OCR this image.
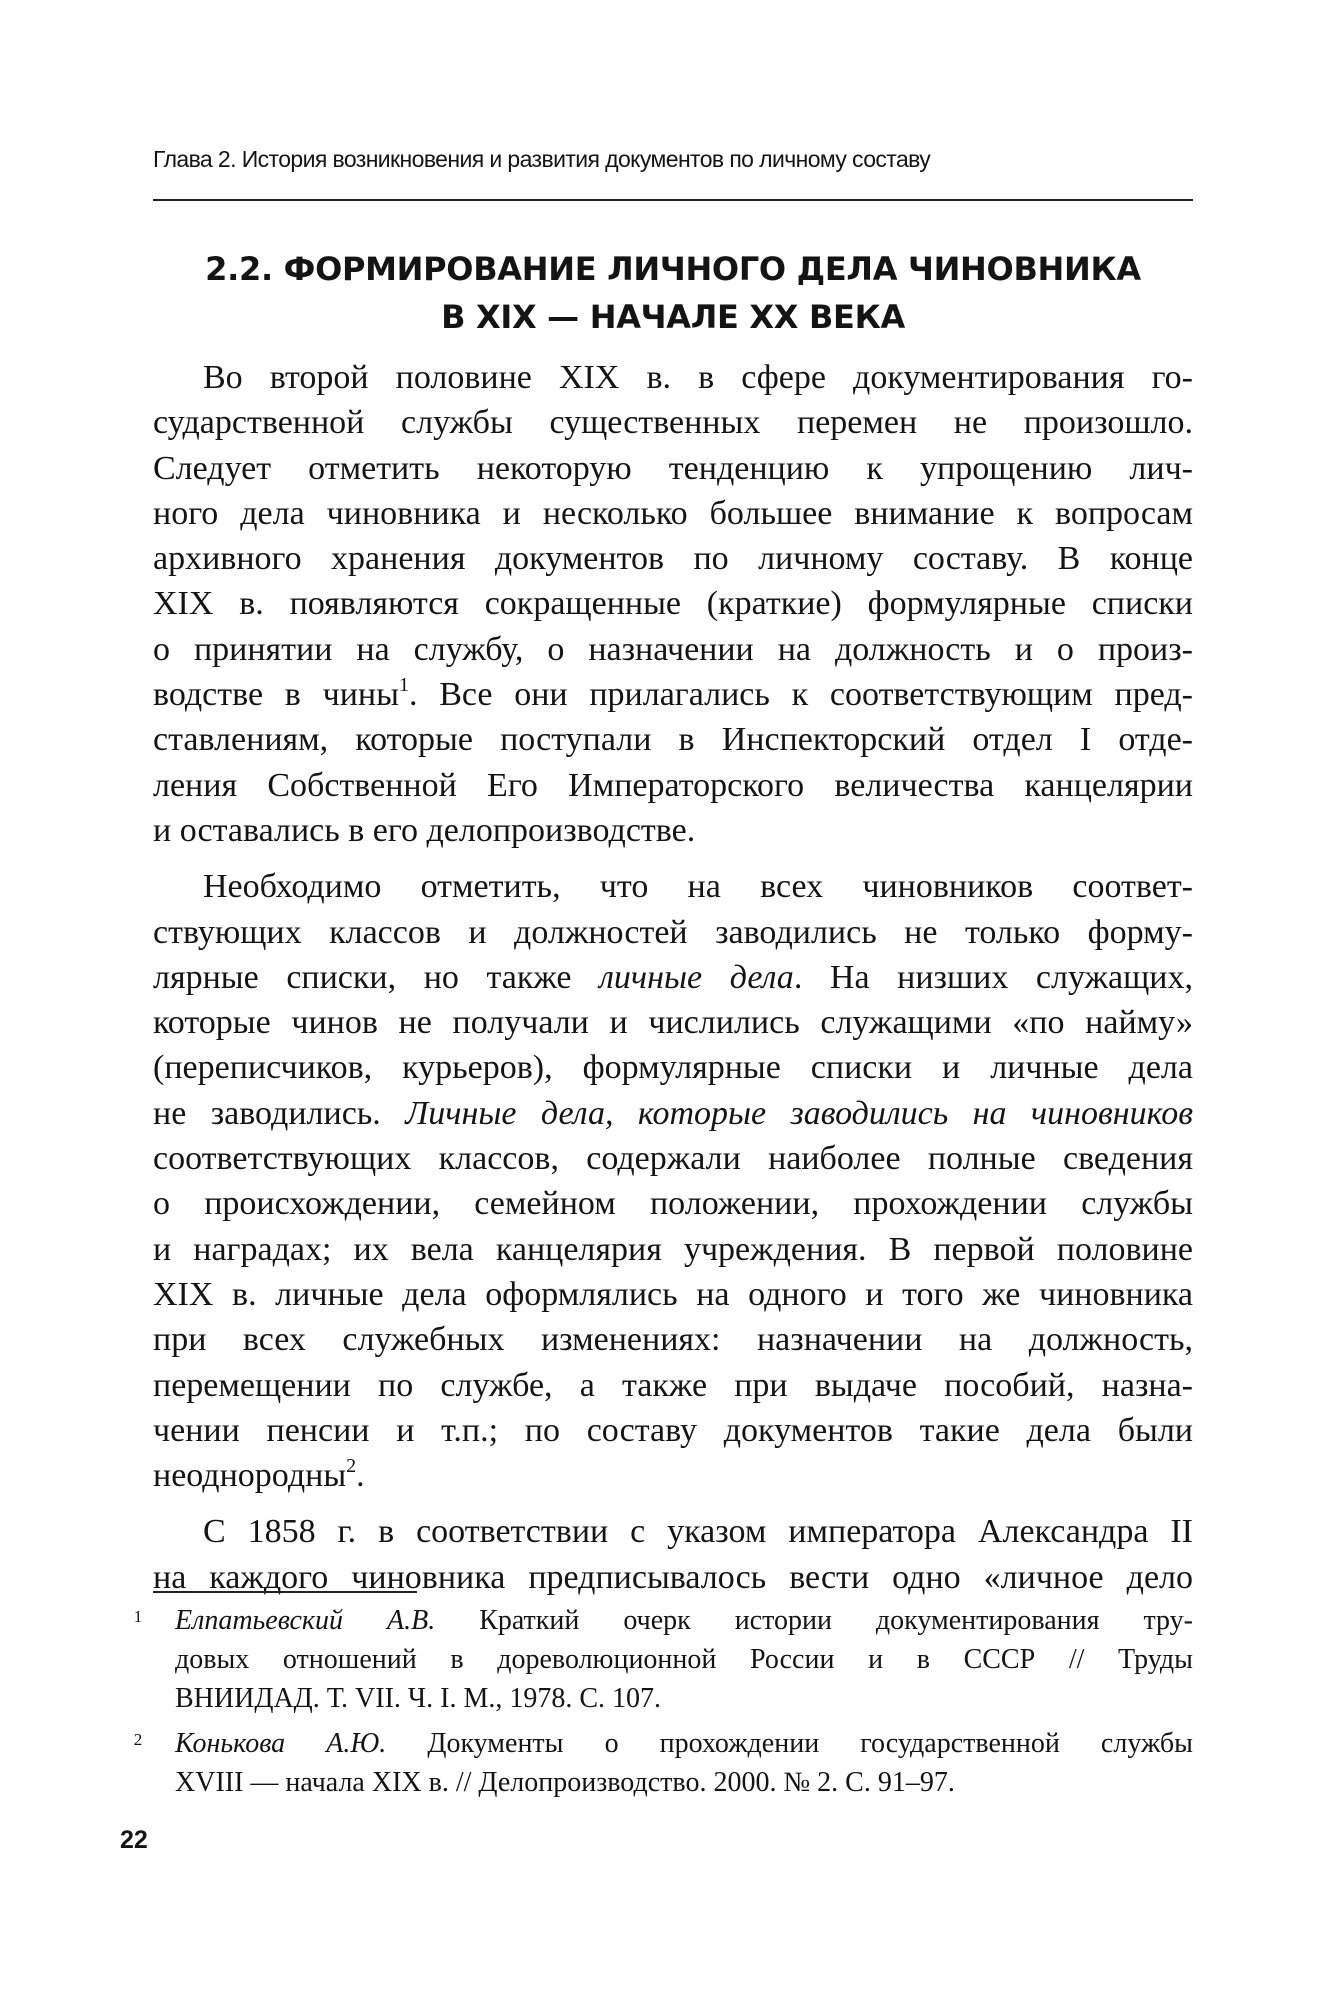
Глава 2. История возникновения и развития документов по личному составу
2.2. ФОРМИРОВАНИЕ ЛИЧНОГО ДЕЛА ЧИНОВНИКА
В XIX — НАЧАЛЕ XX ВЕКА
Во второй половине XIX в. в сфере документирования го-
сударственной службы существенных перемен не произошло.
Следует отметить некоторую тенденцию к упрощению лич-
ного дела чиновника и несколько большее внимание к вопросам
архивного хранения документов по личному составу. В конце
XIX в. появляются сокращенные (краткие) формулярные списки
о принятии на службу, о назначении на должность и о произ-
водстве в чины$^1$. Все они прилагались к соответствующим пред-
ставлениям, которые поступали в Инспекторский отдел I отде-
ления Собственной Его Императорского величества канцелярии
и оставались в его делопроизводстве.
Необходимо отметить, что на всех чиновников соответ-
ствующих классов и должностей заводились не только форму-
лярные списки, но также личные дела. На низших служащих,
которые чинов не получали и числились служащими «по найму»
(переписчиков, курьеров), формулярные списки и личные дела
не заводились. Личные дела, которые заводились на чиновников
соответствующих классов, содержали наиболее полные сведения
о происхождении, семейном положении, прохождении службы
и наградах; их вела канцелярия учреждения. В первой половине
XIX в. личные дела оформлялись на одного и того же чиновника
при всех служебных изменениях: назначении на должность,
перемещении по службе, а также при выдаче пособий, назна-
чении пенсии и т.п.; по составу документов такие дела были
неоднородны$^2$.
С 1858 г. в соответствии с указом императора Александра II
на каждого чиновника предписывалось вести одно «личное дело
1 Елпатьевский А.В. Краткий очерк истории документирования тру-
довых отношений в дореволюционной России и в СССР // Труды
ВНИИДАД. Т. VII. Ч. I. М., 1978. С. 107.
2 Конькова А.Ю. Документы о прохождении государственной службы
XVIII — начала XIX в. // Делопроизводство. 2000. № 2. С. 91–97.
22
